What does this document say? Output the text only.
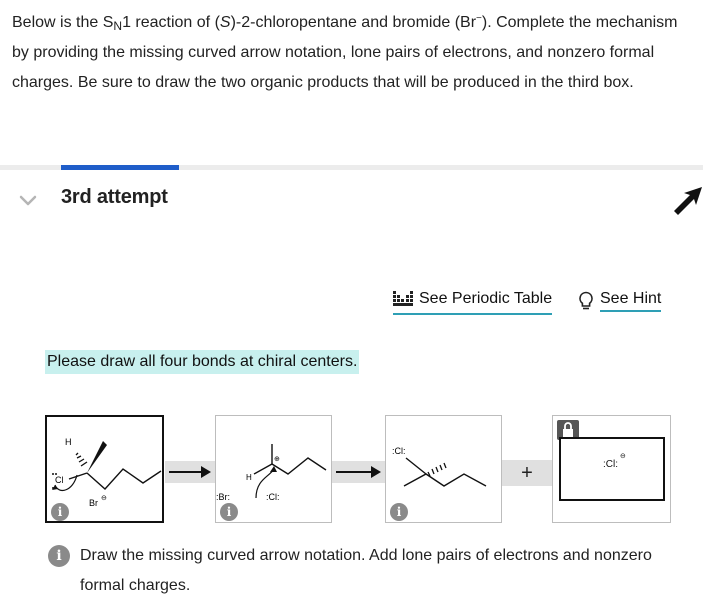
Below is the $S_N1$ reaction of (S)-2-chloropentane and bromide (Br−). Complete the mechanism by providing the missing curved arrow notation, lone pairs of electrons, and nonzero formal charges. Be sure to draw the two organic products that will be produced in the third box.
3rd attempt
See Periodic Table	See Hint
Please draw all four bonds at chiral centers.
H
Cl
Br ⊖
i
H
⊕
:Br:	:Cl:
i
:Cl:
i
+	:Cl:
⊖
i	Draw the missing curved arrow notation. Add lone pairs of electrons and nonzero formal charges.
